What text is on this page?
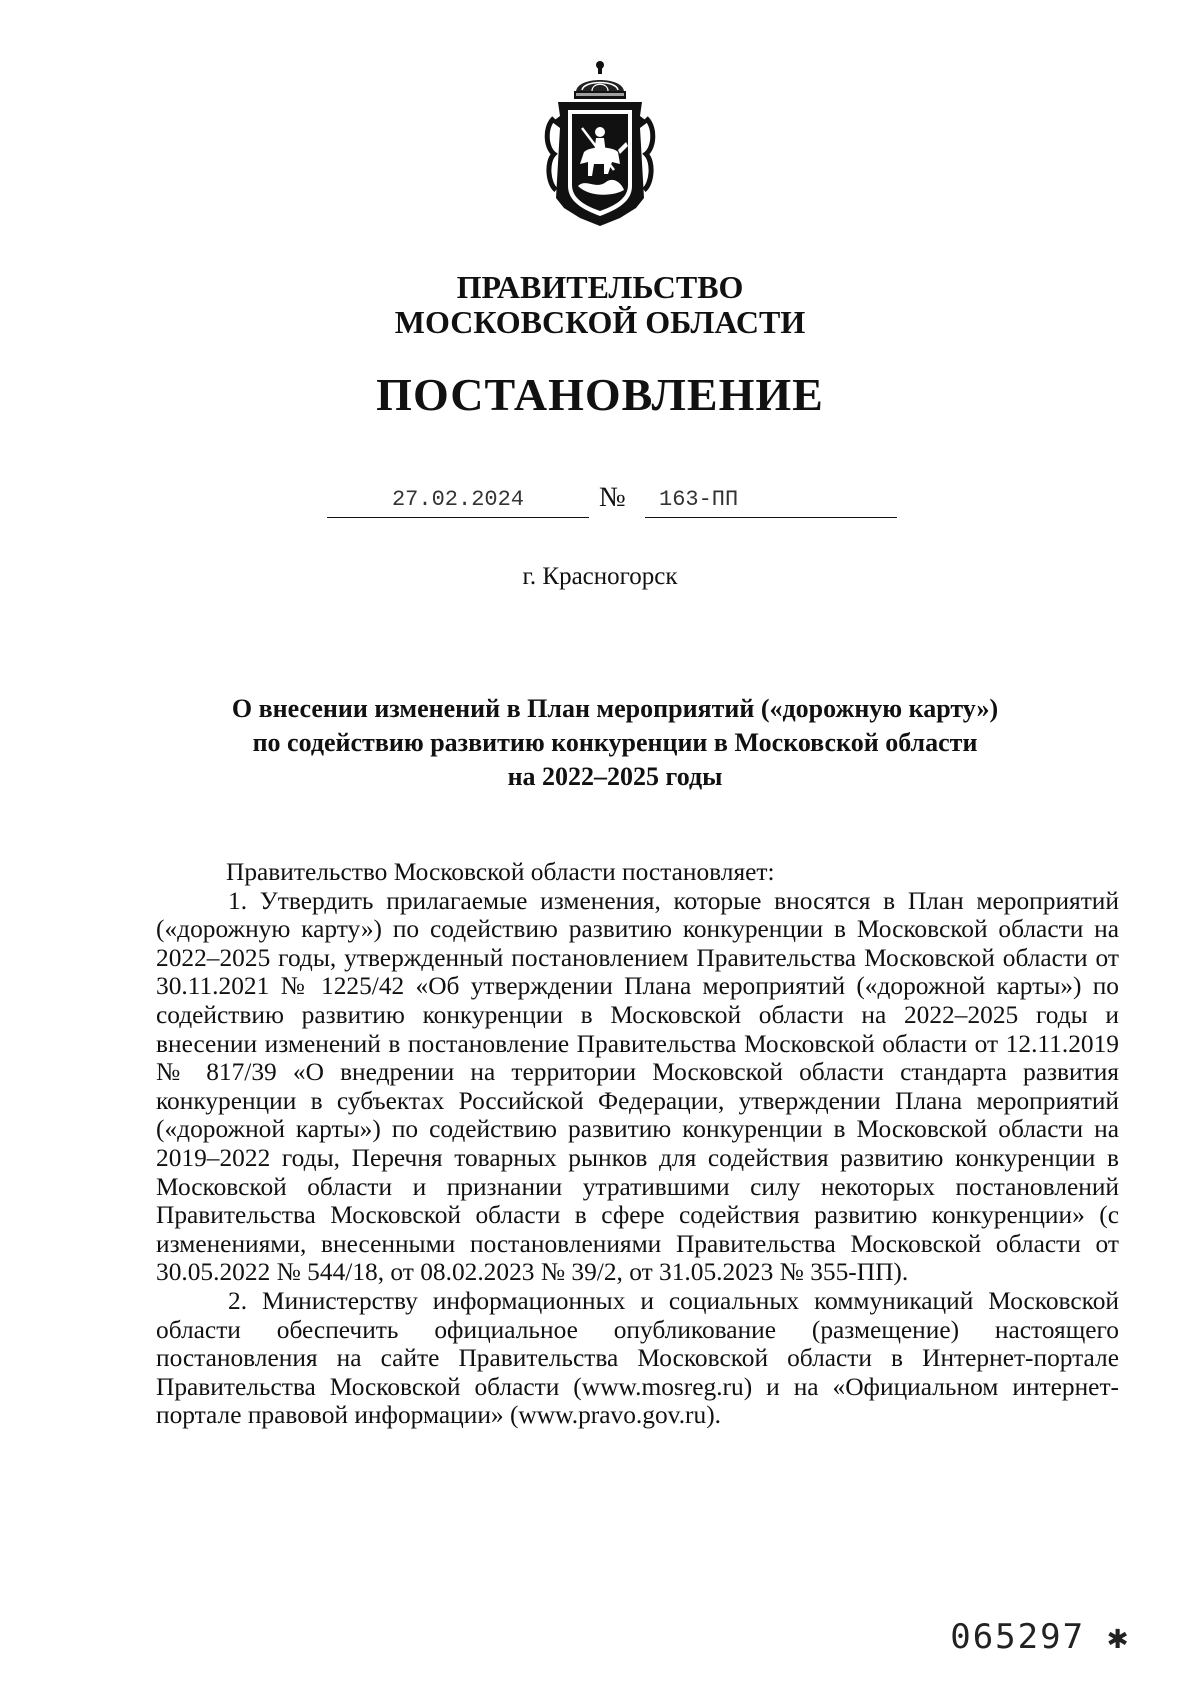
ПРАВИТЕЛЬСТВО
МОСКОВСКОЙ ОБЛАСТИ
ПОСТАНОВЛЕНИЕ
27.02.2024	№	163-ПП
г. Красногорск
О внесении изменений в План мероприятий («дорожную карту»)
по содействию развитию конкуренции в Московской области
на 2022–2025 годы

Правительство Московской области постановляет:

1. Утвердить прилагаемые изменения, которые вносятся в План мероприятий («дорожную карту») по содействию развитию конкуренции в Московской области на 2022–2025 годы, утвержденный постановлением Правительства Московской области от 30.11.2021 № 1225/42 «Об утверждении Плана мероприятий («дорожной карты») по содействию развитию конкуренции в Московской области на 2022–2025 годы и внесении изменений в постановление Правительства Московской области от 12.11.2019 № 817/39 «О внедрении на территории Московской области стандарта развития конкуренции в субъектах Российской Федерации, утверждении Плана мероприятий («дорожной карты») по содействию развитию конкуренции в Московской области на 2019–2022 годы, Перечня товарных рынков для содействия развитию конкуренции в Московской области и признании утратившими силу некоторых постановлений Правительства Московской области в сфере содействия развитию конкуренции» (с изменениями, внесенными постановлениями Правительства Московской области от 30.05.2022 № 544/18, от 08.02.2023 № 39/2, от 31.05.2023 № 355-ПП).

2. Министерству информационных и социальных коммуникаций Московской области обеспечить официальное опубликование (размещение) настоящего постановления на сайте Правительства Московской области в Интернет-портале Правительства Московской области (www.mosreg.ru) и на «Официальном интернет-портале правовой информации» (www.pravo.gov.ru).

065297 ✱
